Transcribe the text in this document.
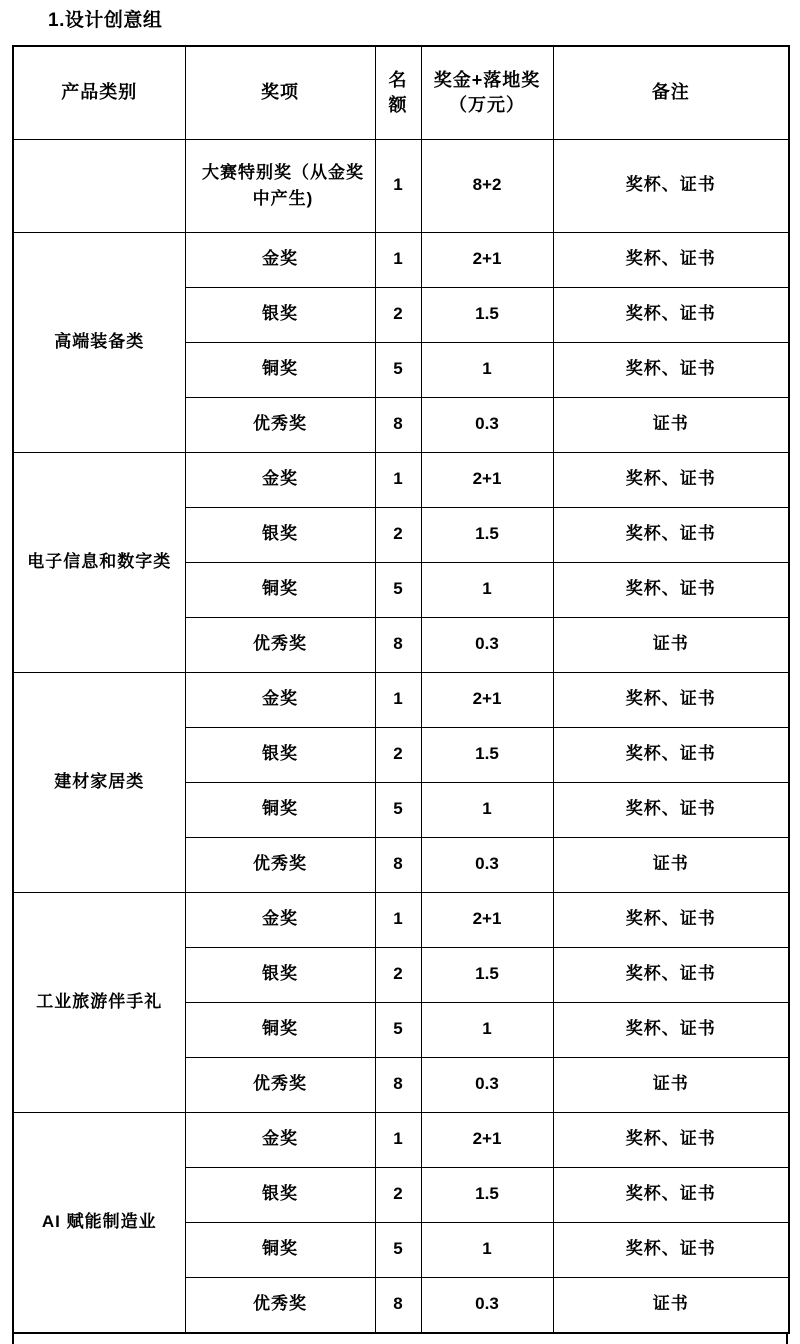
1.设计创意组
产品类别	奖项	名额	奖金+落地奖（万元）	备注
	大赛特别奖（从金奖中产生)	1	8+2	奖杯、证书
高端装备类	金奖	1	2+1	奖杯、证书
	银奖	2	1.5	奖杯、证书
	铜奖	5	1	奖杯、证书
	优秀奖	8	0.3	证书
电子信息和数字类	金奖	1	2+1	奖杯、证书
	银奖	2	1.5	奖杯、证书
	铜奖	5	1	奖杯、证书
	优秀奖	8	0.3	证书
建材家居类	金奖	1	2+1	奖杯、证书
	银奖	2	1.5	奖杯、证书
	铜奖	5	1	奖杯、证书
	优秀奖	8	0.3	证书
工业旅游伴手礼	金奖	1	2+1	奖杯、证书
	银奖	2	1.5	奖杯、证书
	铜奖	5	1	奖杯、证书
	优秀奖	8	0.3	证书
AI 赋能制造业	金奖	1	2+1	奖杯、证书
	银奖	2	1.5	奖杯、证书
	铜奖	5	1	奖杯、证书
	优秀奖	8	0.3	证书
